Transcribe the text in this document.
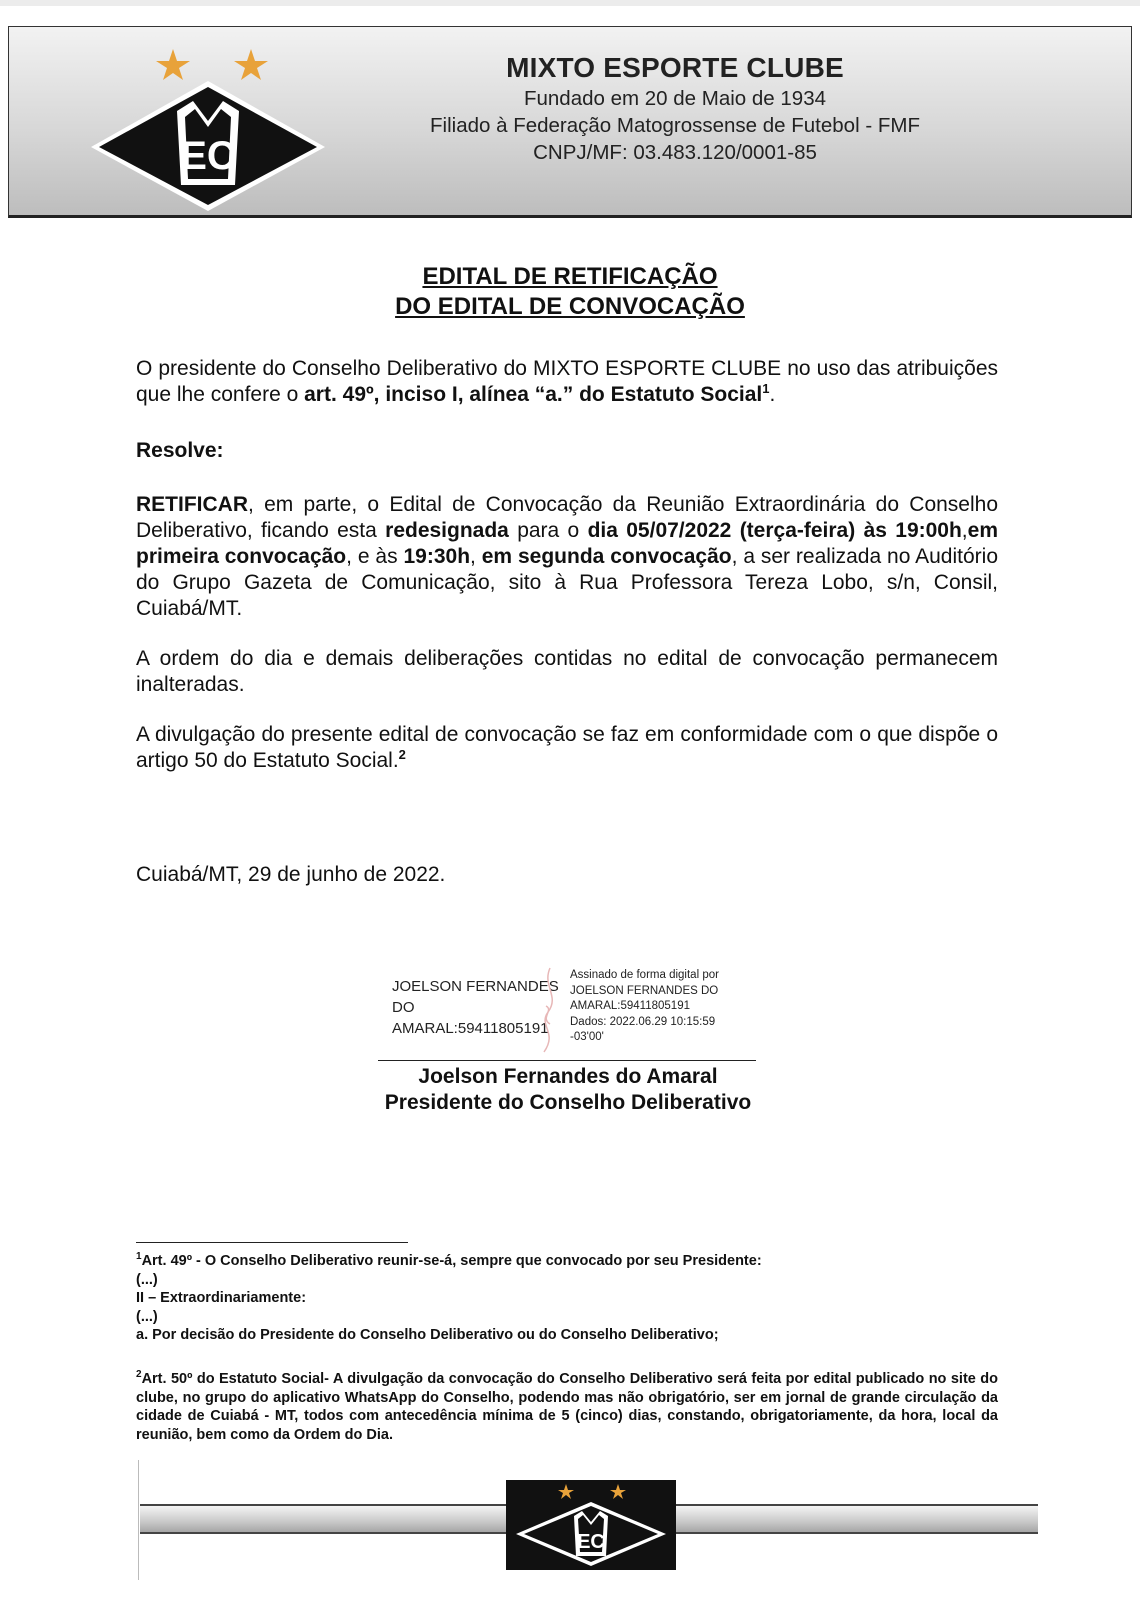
EC
MIXTO ESPORTE CLUBE
Fundado em 20 de Maio de 1934
Filiado à Federação Matogrossense de Futebol - FMF
CNPJ/MF: 03.483.120/0001-85
EDITAL DE RETIFICAÇÃO
DO EDITAL DE CONVOCAÇÃO
O presidente do Conselho Deliberativo do MIXTO ESPORTE CLUBE no uso das atribuições que lhe confere o art. 49º, inciso I, alínea “a.” do Estatuto Social$^1$.
Resolve:
RETIFICAR, em parte, o Edital de Convocação da Reunião Extraordinária do Conselho Deliberativo, ficando esta redesignada para o dia 05/07/2022 (terça-feira) às 19:00h,em primeira convocação, e às 19:30h, em segunda convocação, a ser realizada no Auditório do Grupo Gazeta de Comunicação, sito à Rua Professora Tereza Lobo, s/n, Consil, Cuiabá/MT.
A ordem do dia e demais deliberações contidas no edital de convocação permanecem inalteradas.
A divulgação do presente edital de convocação se faz em conformidade com o que dispõe o artigo 50 do Estatuto Social.$^2$
Cuiabá/MT, 29 de junho de 2022.
JOELSON FERNANDES
DO
AMARAL:59411805191
Assinado de forma digital por
JOELSON FERNANDES DO
AMARAL:59411805191
Dados: 2022.06.29 10:15:59
-03'00'
Joelson Fernandes do Amaral
Presidente do Conselho Deliberativo
$^1$Art. 49º - O Conselho Deliberativo reunir-se-á, sempre que convocado por seu Presidente:
(...)
II – Extraordinariamente:
(...)
a. Por decisão do Presidente do Conselho Deliberativo ou do Conselho Deliberativo;
$^2$Art. 50º do Estatuto Social- A divulgação da convocação do Conselho Deliberativo será feita por edital publicado no site do clube, no grupo do aplicativo WhatsApp do Conselho, podendo mas não obrigatório, ser em jornal de grande circulação da cidade de Cuiabá - MT, todos com antecedência mínima de 5 (cinco) dias, constando, obrigatoriamente, da hora, local da reunião, bem como da Ordem do Dia.
EC
